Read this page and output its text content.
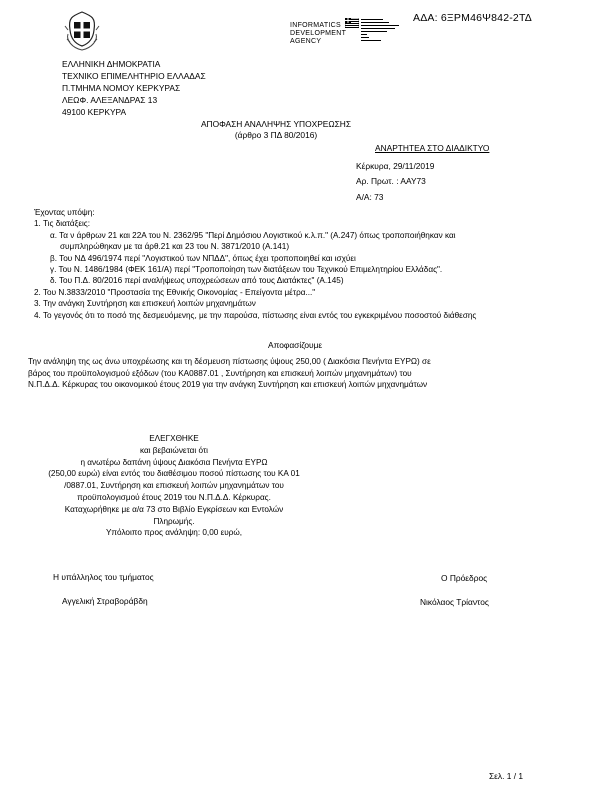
INFORMATICS
DEVELOPMENT
AGENCY
ΑΔΑ: 6ΞΡΜ46Ψ842-2ΤΔ
ΕΛΛΗΝΙΚΗ ΔΗΜΟΚΡΑΤΙΑ
ΤΕΧΝΙΚΟ ΕΠΙΜΕΛΗΤΗΡΙΟ ΕΛΛΑΔΑΣ
Π.ΤΜΗΜΑ ΝΟΜΟΥ ΚΕΡΚΥΡΑΣ
ΛΕΩΦ. ΑΛΕΞΑΝΔΡΑΣ 13
49100 ΚΕΡΚΥΡΑ
ΑΠΟΦΑΣΗ ΑΝΑΛΗΨΗΣ ΥΠΟΧΡΕΩΣΗΣ
(άρθρο 3 ΠΔ 80/2016)
ΑΝΑΡΤΗΤΕΑ ΣΤΟ ΔΙΑΔΙΚΤΥΟ
Κέρκυρα, 29/11/2019
Αρ. Πρωτ. : ΑΑΥ73
Α/Α: 73
Έχοντας υπόψη:
1. Τις διατάξεις:
α. Τα ν άρθρων 21 και 22Α του Ν. 2362/95 "Περί Δημόσιου Λογιστικού κ.λ.π." (Α.247) όπως τροποποιήθηκαν και
συμπληρώθηκαν με τα άρθ.21 και 23 του Ν. 3871/2010 (Α.141)
β. Του ΝΔ 496/1974 περί "Λογιστικού των ΝΠΔΔ", όπως έχει τροποποιηθεί και ισχύει
γ. Του Ν. 1486/1984 (ΦΕΚ 161/Α) περί "Τροποποίηση των διατάξεων του Τεχνικού Επιμελητηρίου Ελλάδας".
δ. Του Π.Δ. 80/2016 περί αναλήψεως υποχρεώσεων από τους Διατάκτες" (Α.145)
2. Του Ν.3833/2010 "Προστασία της Εθνικής Οικονομίας - Επείγοντα μέτρα..."
3. Την ανάγκη Συντήρηση και επισκευή λοιπών μηχανημάτων
4. Το γεγονός ότι το ποσό της δεσμευόμενης, με την παρούσα, πίστωσης είναι εντός του εγκεκριμένου ποσοστού διάθεσης
Αποφασίζουμε
Την ανάληψη της ως άνω υποχρέωσης και τη δέσμευση πίστωσης ύψους 250,00 ( Διακόσια Πενήντα ΕΥΡΩ) σε
βάρος του προϋπολογισμού εξόδων (του ΚΑ0887.01 , Συντήρηση και επισκευή λοιπών μηχανημάτων) του
Ν.Π.Δ.Δ. Κέρκυρας του οικονομικού έτους 2019 για την ανάγκη Συντήρηση και επισκευή λοιπών μηχανημάτων
ΕΛΕΓΧΘΗΚΕ
και βεβαιώνεται ότι
η ανωτέρω δαπάνη ύψους Διακόσια Πενήντα ΕΥΡΩ
(250,00 ευρώ) είναι εντός του διαθέσιμου ποσού πίστωσης του ΚΑ 01
/0887.01, Συντήρηση και επισκευή λοιπών μηχανημάτων του
προϋπολογισμού έτους 2019 του Ν.Π.Δ.Δ. Κέρκυρας.
Καταχωρήθηκε με α/α 73 στο Βιβλίο Εγκρίσεων και Εντολών
Πληρωμής.
Υπόλοιπο προς ανάληψη: 0,00 ευρώ,
Η υπάλληλος του τμήματος
Αγγελική Στραβοράβδη
Ο Πρόεδρος
Νικόλαος Τρίαντος
Σελ. 1 / 1
